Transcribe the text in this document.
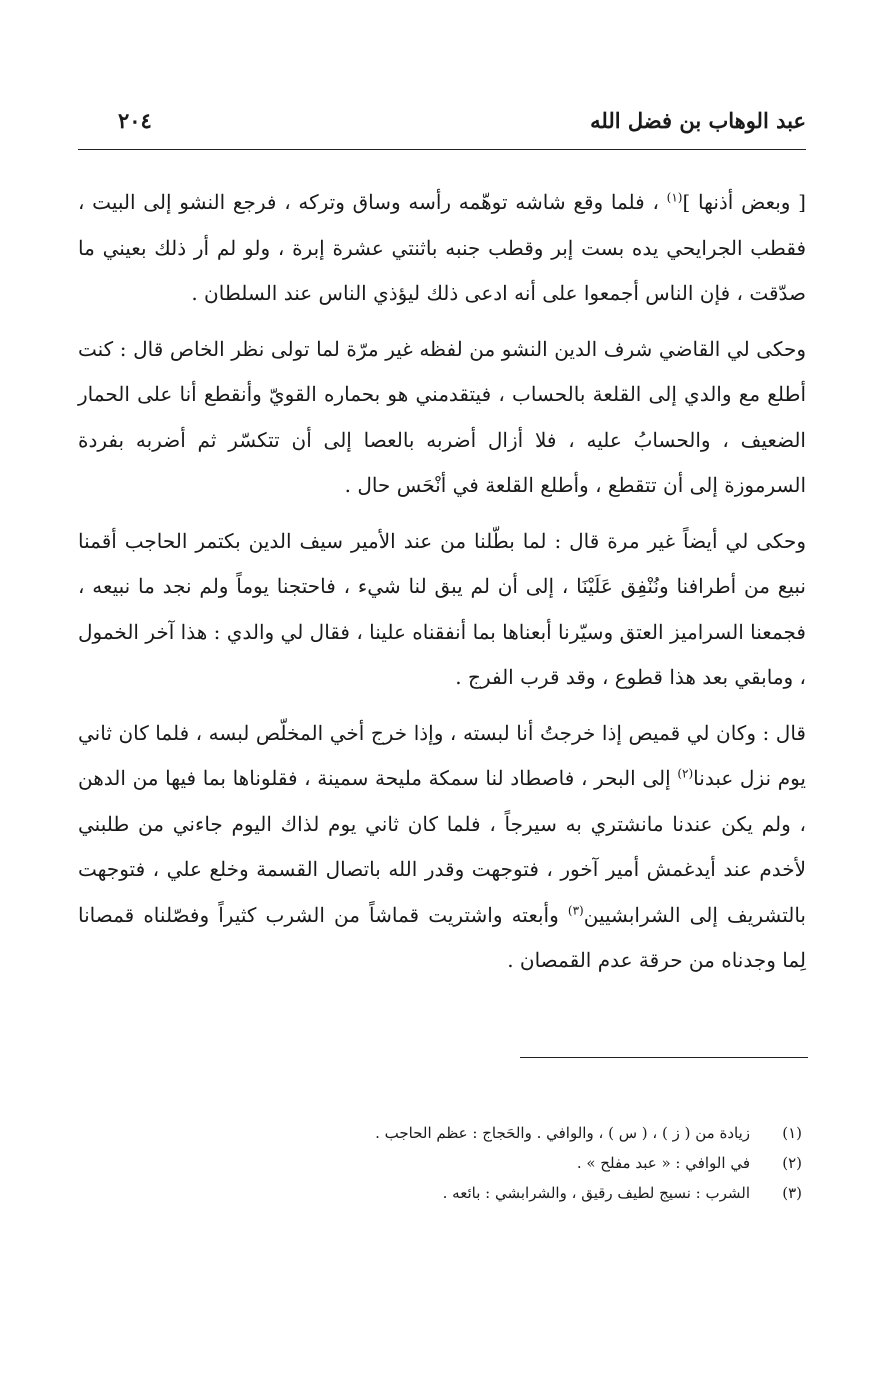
عبد الوهاب بن فضل الله
٢٠٤

[ وبعض أذنها ]$^{(١)}$ ، فلما وقع شاشه توهّمه رأسه وساق وتركه ، فرجع النشو إلى البيت ، فقطب الجرايحي يده بست إبر وقطب جنبه باثنتي عشرة إبرة ، ولو لم أر ذلك بعيني ما صدّقت ، فإن الناس أجمعوا على أنه ادعى ذلك ليؤذي الناس عند السلطان .

وحكى لي القاضي شرف الدين النشو من لفظه غير مرّة لما تولى نظر الخاص قال : كنت أطلع مع والدي إلى القلعة بالحساب ، فيتقدمني هو بحماره القويّ وأنقطع أنا على الحمار الضعيف ، والحسابُ عليه ، فلا أزال أضربه بالعصا إلى أن تتكسّر ثم أضربه بفردة السرموزة إلى أن تتقطع ، وأطلع القلعة في أنْحَس حال .

وحكى لي أيضاً غير مرة قال : لما بطّلنا من عند الأمير سيف الدين بكتمر الحاجب أقمنا نبيع من أطرافنا ونُنْفِق عَلَيْنَا ، إلى أن لم يبق لنا شيء ، فاحتجنا يوماً ولم نجد ما نبيعه ، فجمعنا السراميز العتق وسيّرنا أبعناها بما أنفقناه علينا ، فقال لي والدي : هذا آخر الخمول ، ومابقي بعد هذا قطوع ، وقد قرب الفرج .

قال : وكان لي قميص إذا خرجتُ أنا لبسته ، وإذا خرج أخي المخلّص لبسه ، فلما كان ثاني يوم نزل عبدنا$^{(٢)}$ إلى البحر ، فاصطاد لنا سمكة مليحة سمينة ، فقلوناها بما فيها من الدهن ، ولم يكن عندنا مانشتري به سيرجاً ، فلما كان ثاني يوم لذاك اليوم جاءني من طلبني لأخدم عند أيدغمش أمير آخور ، فتوجهت وقدر الله باتصال القسمة وخلع علي ، فتوجهت بالتشريف إلى الشرابشيين$^{(٣)}$ وأبعته واشتريت قماشاً من الشرب كثيراً وفصّلناه قمصانا لِما وجدناه من حرقة عدم القمصان .

(١)
زيادة من ( ز ) ، ( س ) ، والوافي . والحَجاج : عظم الحاجب .
(٢)
في الوافي : « عبد مفلح » .
(٣)
الشرب : نسيج لطيف رقيق ، والشرابشي : بائعه .
